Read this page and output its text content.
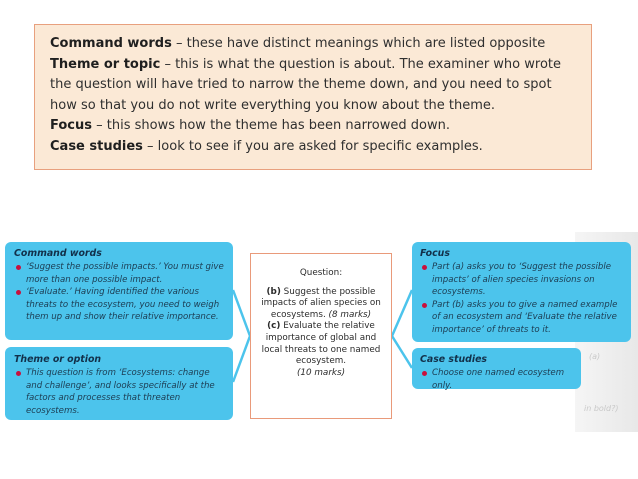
Command words – these have distinct meanings which are listed opposite

Theme or topic – this is what the question is about. The examiner who wrote the question will have tried to narrow the theme down, and you need to spot how so that you do not write everything you know about the theme.

Focus – this shows how the theme has been narrowed down.

Case studies – look to see if you are asked for specific examples.

(a)
in bold?)
Command words
‘Suggest the possible impacts.’ You must give more than one possible impact.
‘Evaluate.’ Having identified the various threats to the ecosystem, you need to weigh them up and show their relative importance.
Theme or option
This question is from ‘Ecosystems: change and challenge’, and looks specifically at the factors and processes that threaten ecosystems.
Question:
(b) Suggest the possible impacts of alien species on ecosystems. (8 marks)
(c) Evaluate the relative importance of global and local threats to one named ecosystem.
(10 marks)
Focus
Part (a) asks you to ‘Suggest the possible impacts’ of alien species invasions on ecosystems.
Part (b) asks you to give a named example of an ecosystem and ‘Evaluate the relative importance’ of threats to it.
Case studies
Choose one named ecosystem only.
